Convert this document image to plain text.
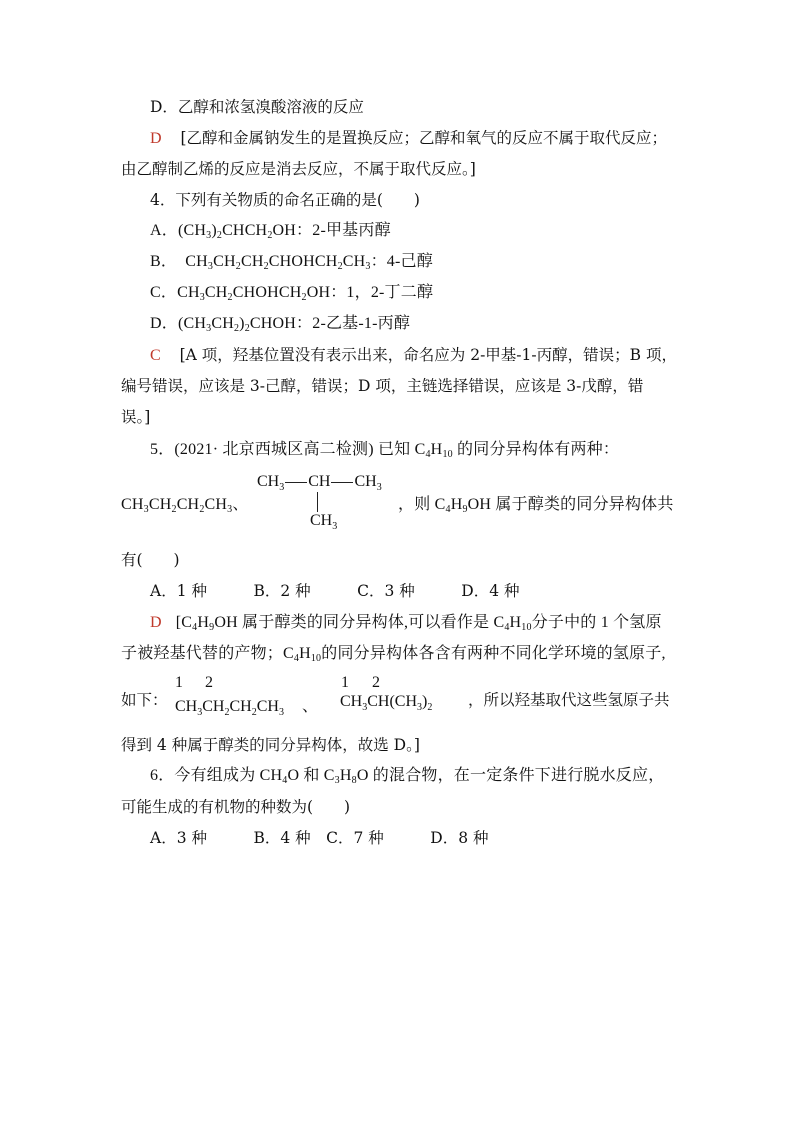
D．乙醇和浓氢溴酸溶液的反应
D [乙醇和金属钠发生的是置换反应；乙醇和氧气的反应不属于取代反应；
由乙醇制乙烯的反应是消去反应，不属于取代反应。]
4．下列有关物质的命名正确的是(　　)
A．$(CH_3)_2CHCH_2OH$：2-甲基丙醇
B．　$CH_3CH_2CH_2CHOHCH_2CH_3$：4-己醇
C．$CH_3CH_2CHOHCH_2OH$：1，2-丁二醇
D．$(CH_3CH_2)_2CHOH$：2-乙基-1-丙醇
C [A 项，羟基位置没有表示出来，命名应为 2-甲基-1-丙醇，错误；B 项，
编号错误，应该是 3-己醇，错误；D 项，主链选择错误，应该是 3-戊醇，错
误。]
5．(2021· 北京西城区高二检测) 已知 $C_4H_{10}$ 的同分异构体有两种：
$CH_3CH_2CH_2CH_3$、
$CH_3$ CH $CH_3$
$CH_3$
，则 $C_4H_9OH$ 属于醇类的同分异构体共
有(　　)
A．1 种　　　B．2 种　　　C．3 种　　　D．4 种
D [$C_4H_9OH$ 属于醇类的同分异构体,可以看作是 $C_4H_{10}$分子中的 1 个氢原
子被羟基代替的产物；$C_4H_{10}$的同分异构体各含有两种不同化学环境的氢原子,
如下：
1 2
$CH_3CH_2CH_2CH_3$ 、
1 2
$CH_3CH(CH_3)_2$ ，所以羟基取代这些氢原子共
得到 4 种属于醇类的同分异构体，故选 D。]
6．今有组成为 $CH_4O$ 和 $C_3H_8O$ 的混合物，在一定条件下进行脱水反应，
可能生成的有机物的种数为(　　)
A．3 种　　　B．4 种　C．7 种　　　D．8 种
